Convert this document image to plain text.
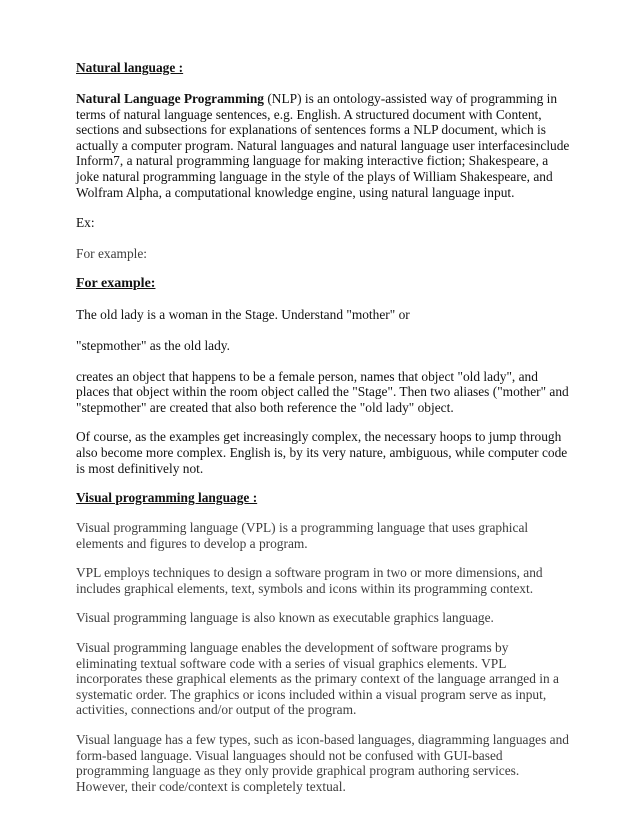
Natural language :

Natural Language Programming (NLP) is an ontology-assisted way of programming in terms of natural language sentences, e.g. English. A structured document with Content, sections and subsections for explanations of sentences forms a NLP document, which is actually a computer program. Natural languages and natural language user interfacesinclude Inform7, a natural programming language for making interactive fiction; Shakespeare, a joke natural programming language in the style of the plays of William Shakespeare, and Wolfram Alpha, a computational knowledge engine, using natural language input.

Ex:

For example:

For example:

The old lady is a woman in the Stage. Understand "mother" or

"stepmother" as the old lady.

creates an object that happens to be a female person, names that object "old lady", and places that object within the room object called the "Stage". Then two aliases ("mother" and "stepmother" are created that also both reference the "old lady" object.

Of course, as the examples get increasingly complex, the necessary hoops to jump through also become more complex. English is, by its very nature, ambiguous, while computer code is most definitively not.

Visual programming language :

Visual programming language (VPL) is a programming language that uses graphical elements and figures to develop a program.

VPL employs techniques to design a software program in two or more dimensions, and includes graphical elements, text, symbols and icons within its programming context.

Visual programming language is also known as executable graphics language.

Visual programming language enables the development of software programs by eliminating textual software code with a series of visual graphics elements. VPL incorporates these graphical elements as the primary context of the language arranged in a systematic order. The graphics or icons included within a visual program serve as input, activities, connections and/or output of the program.

Visual language has a few types, such as icon-based languages, diagramming languages and form-based language. Visual languages should not be confused with GUI-based programming language as they only provide graphical program authoring services. However, their code/context is completely textual.
